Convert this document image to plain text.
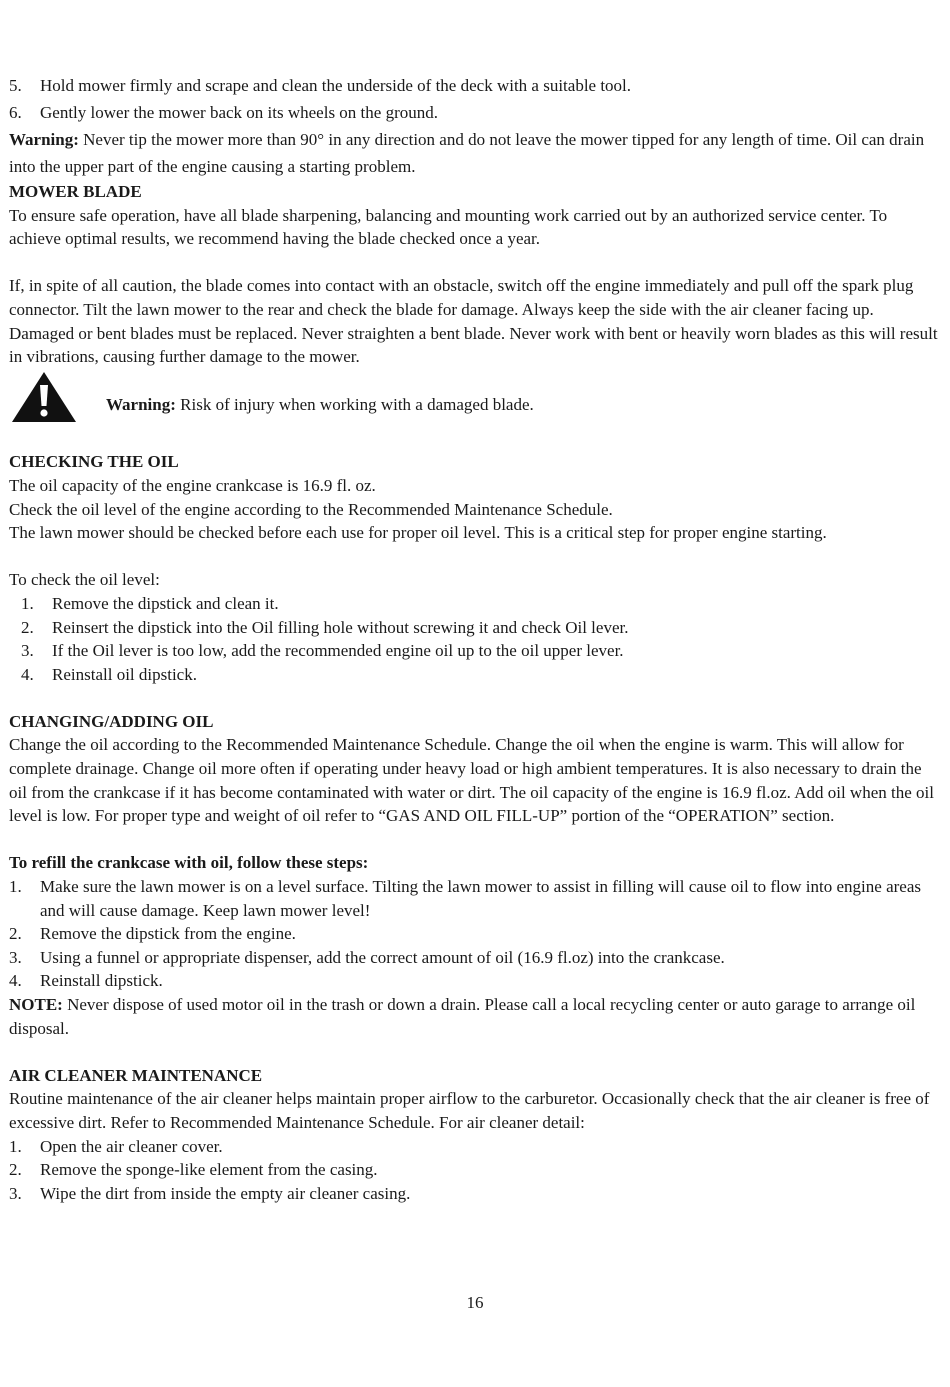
5. Hold mower firmly and scrape and clean the underside of the deck with a suitable tool.
6. Gently lower the mower back on its wheels on the ground.

Warning: Never tip the mower more than 90° in any direction and do not leave the mower tipped for any length of time. Oil can drain into the upper part of the engine causing a starting problem.

MOWER BLADE

To ensure safe operation, have all blade sharpening, balancing and mounting work carried out by an authorized service center. To achieve optimal results, we recommend having the blade checked once a year.

If, in spite of all caution, the blade comes into contact with an obstacle, switch off the engine immediately and pull off the spark plug connector. Tilt the lawn mower to the rear and check the blade for damage. Always keep the side with the air cleaner facing up. Damaged or bent blades must be replaced. Never straighten a bent blade. Never work with bent or heavily worn blades as this will result in vibrations, causing further damage to the mower.

Warning: Risk of injury when working with a damaged blade.

CHECKING THE OIL

The oil capacity of the engine crankcase is 16.9 fl. oz.

Check the oil level of the engine according to the Recommended Maintenance Schedule.

The lawn mower should be checked before each use for proper oil level. This is a critical step for proper engine starting.

To check the oil level:

1. Remove the dipstick and clean it.
2. Reinsert the dipstick into the Oil filling hole without screwing it and check Oil lever.
3. If the Oil lever is too low, add the recommended engine oil up to the oil upper lever.
4. Reinstall oil dipstick.

CHANGING/ADDING OIL

Change the oil according to the Recommended Maintenance Schedule. Change the oil when the engine is warm. This will allow for complete drainage. Change oil more often if operating under heavy load or high ambient temperatures. It is also necessary to drain the oil from the crankcase if it has become contaminated with water or dirt. The oil capacity of the engine is 16.9 fl.oz. Add oil when the oil level is low. For proper type and weight of oil refer to “GAS AND OIL FILL-UP” portion of the “OPERATION” section.

To refill the crankcase with oil, follow these steps:

1. Make sure the lawn mower is on a level surface. Tilting the lawn mower to assist in filling will cause oil to flow into engine areas and will cause damage. Keep lawn mower level!
2. Remove the dipstick from the engine.
3. Using a funnel or appropriate dispenser, add the correct amount of oil (16.9 fl.oz) into the crankcase.
4. Reinstall dipstick.

NOTE: Never dispose of used motor oil in the trash or down a drain. Please call a local recycling center or auto garage to arrange oil disposal.

AIR CLEANER MAINTENANCE

Routine maintenance of the air cleaner helps maintain proper airflow to the carburetor. Occasionally check that the air cleaner is free of excessive dirt. Refer to Recommended Maintenance Schedule. For air cleaner detail:

1. Open the air cleaner cover.
2. Remove the sponge-like element from the casing.
3. Wipe the dirt from inside the empty air cleaner casing.
16
